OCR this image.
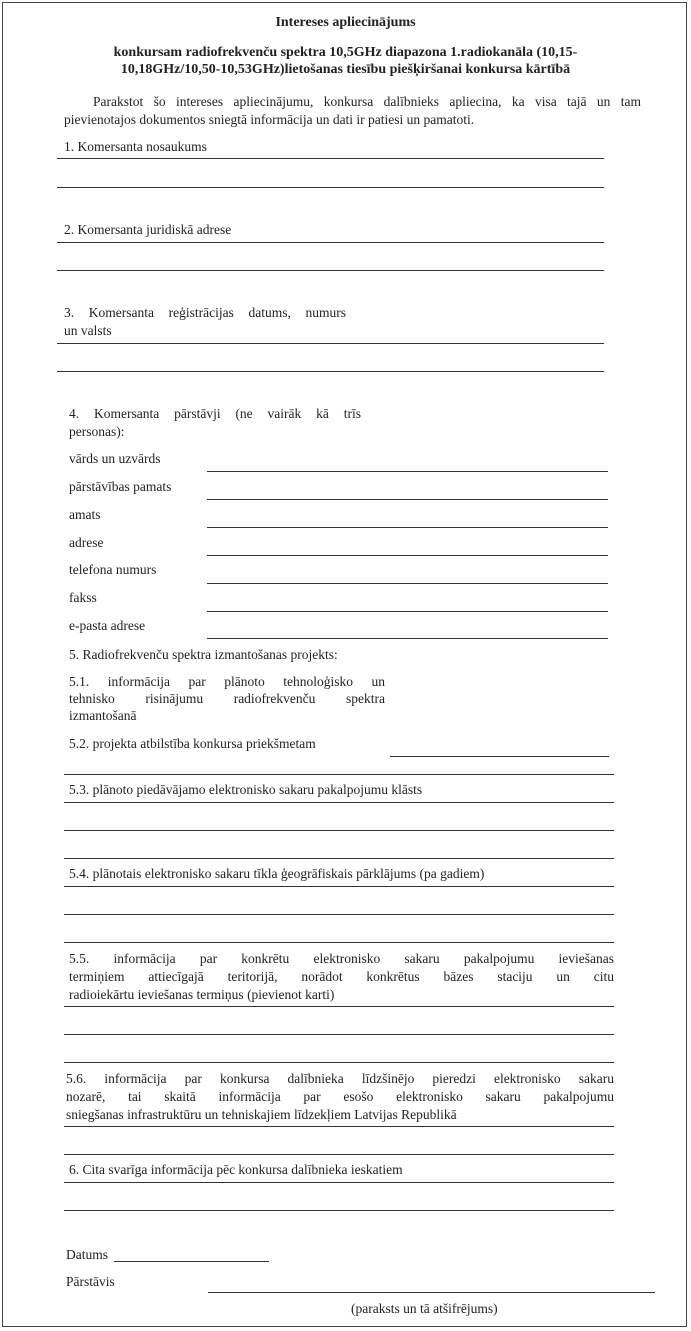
Intereses apliecinājums
konkursam radiofrekvenču spektra 10,5GHz diapazona 1.radiokanāla (10,15-
10,18GHz/10,50-10,53GHz)lietošanas tiesību piešķiršanai konkursa kārtībā
Parakstot šo intereses apliecinājumu, konkursa dalībnieks apliecina, ka visa tajā un tam
pievienotajos dokumentos sniegtā informācija un dati ir patiesi un pamatoti.
1. Komersanta nosaukums
2. Komersanta juridiskā adrese
3. Komersanta reģistrācijas datums, numurs
un valsts
4. Komersanta pārstāvji (ne vairāk kā trīs
personas):
vārds un uzvārds
pārstāvības pamats
amats
adrese
telefona numurs
fakss
e-pasta adrese
5. Radiofrekvenču spektra izmantošanas projekts:
5.1. informācija par plānoto tehnoloģisko un
tehnisko risinājumu radiofrekvenču spektra
izmantošanā
5.2. projekta atbilstība konkursa priekšmetam
5.3. plānoto piedāvājamo elektronisko sakaru pakalpojumu klāsts
5.4. plānotais elektronisko sakaru tīkla ģeogrāfiskais pārklājums (pa gadiem)
5.5. informācija par konkrētu elektronisko sakaru pakalpojumu ieviešanas
termiņiem attiecīgajā teritorijā, norādot konkrētus bāzes staciju un citu
radioiekārtu ieviešanas termiņus (pievienot karti)
5.6. informācija par konkursa dalībnieka līdzšinējo pieredzi elektronisko sakaru
nozarē, tai skaitā informācija par esošo elektronisko sakaru pakalpojumu
sniegšanas infrastruktūru un tehniskajiem līdzekļiem Latvijas Republikā
6. Cita svarīga informācija pēc konkursa dalībnieka ieskatiem
Datums
Pārstāvis
(paraksts un tā atšifrējums)
